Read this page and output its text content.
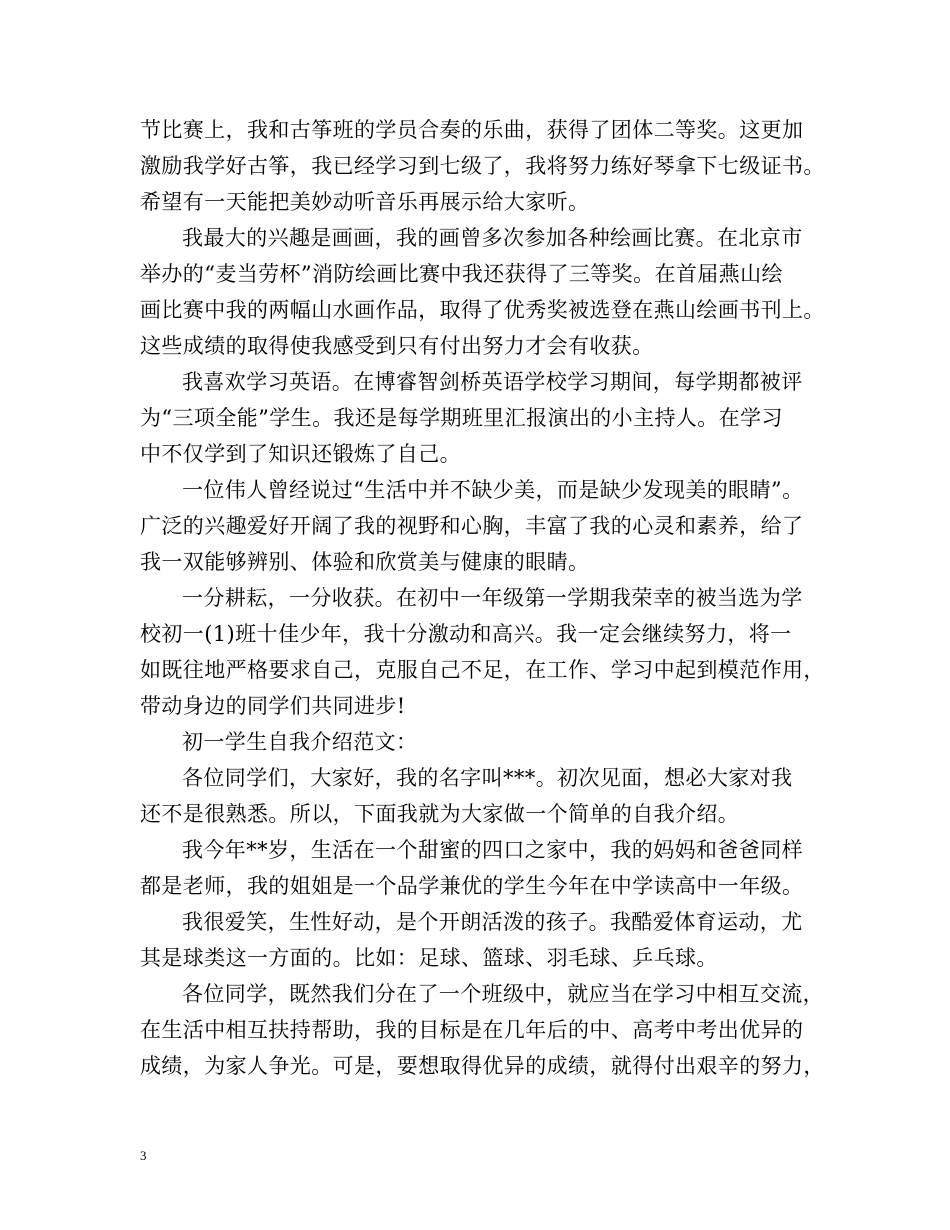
节比赛上，我和古筝班的学员合奏的乐曲，获得了团体二等奖。这更加
激励我学好古筝，我已经学习到七级了，我将努力练好琴拿下七级证书。
希望有一天能把美妙动听音乐再展示给大家听。
我最大的兴趣是画画，我的画曾多次参加各种绘画比赛。在北京市
举办的“麦当劳杯”消防绘画比赛中我还获得了三等奖。在首届燕山绘
画比赛中我的两幅山水画作品，取得了优秀奖被选登在燕山绘画书刊上。
这些成绩的取得使我感受到只有付出努力才会有收获。
我喜欢学习英语。在博睿智剑桥英语学校学习期间，每学期都被评
为“三项全能”学生。我还是每学期班里汇报演出的小主持人。在学习
中不仅学到了知识还锻炼了自己。
一位伟人曾经说过“生活中并不缺少美，而是缺少发现美的眼睛”。
广泛的兴趣爱好开阔了我的视野和心胸，丰富了我的心灵和素养，给了
我一双能够辨别、体验和欣赏美与健康的眼睛。
一分耕耘，一分收获。在初中一年级第一学期我荣幸的被当选为学
校初一(1)班十佳少年，我十分激动和高兴。我一定会继续努力，将一
如既往地严格要求自己，克服自己不足，在工作、学习中起到模范作用，
带动身边的同学们共同进步!
初一学生自我介绍范文：
各位同学们，大家好，我的名字叫***。初次见面，想必大家对我
还不是很熟悉。所以，下面我就为大家做一个简单的自我介绍。
我今年**岁，生活在一个甜蜜的四口之家中，我的妈妈和爸爸同样
都是老师，我的姐姐是一个品学兼优的学生今年在中学读高中一年级。
我很爱笑，生性好动，是个开朗活泼的孩子。我酷爱体育运动，尤
其是球类这一方面的。比如：足球、篮球、羽毛球、乒乓球。
各位同学，既然我们分在了一个班级中，就应当在学习中相互交流，
在生活中相互扶持帮助，我的目标是在几年后的中、高考中考出优异的
成绩，为家人争光。可是，要想取得优异的成绩，就得付出艰辛的努力，
3
